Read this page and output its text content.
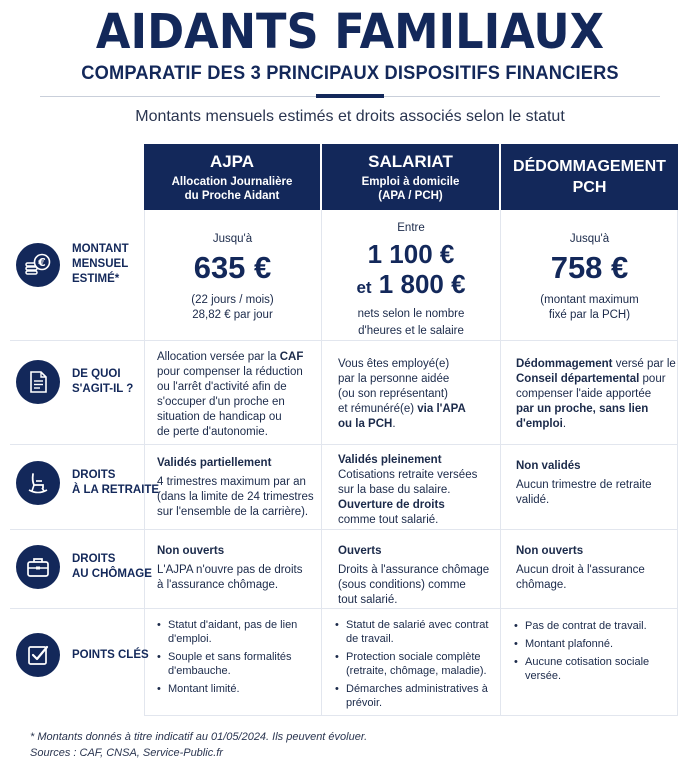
AIDANTS FAMILIAUX
COMPARATIF DES 3 PRINCIPAUX DISPOSITIFS FINANCIERS
Montants mensuels estimés et droits associés selon le statut
AJPA
Allocation Journalière
du Proche Aidant
SALARIAT
Emploi à domicile
(APA / PCH)
DÉDOMMAGEMENT
PCH
€
MONTANT
MENSUEL
ESTIMÉ*
Jusqu'à
635 €
(22 jours / mois)
28,82 € par jour
Entre
1 100 €
et 1 800 €
nets selon le nombre
d'heures et le salaire
Jusqu'à
758 €
(montant maximum
fixé par la PCH)
DE QUOI
S'AGIT-IL ?
Allocation versée par la CAF
pour compenser la réduction
ou l'arrêt d'activité afin de
s'occuper d'un proche en
situation de handicap ou
de perte d'autonomie.
Vous êtes employé(e)
par la personne aidée
(ou son représentant)
et rémunéré(e) via l'APA
ou la PCH.
Dédommagement versé par le
Conseil départemental pour
compenser l'aide apportée
par un proche, sans lien
d'emploi.
DROITS
À LA RETRAITE
Validés partiellement
4 trimestres maximum par an
(dans la limite de 24 trimestres
sur l'ensemble de la carrière).
Validés pleinement
Cotisations retraite versées
sur la base du salaire.
Ouverture de droits
comme tout salarié.
Non validés
Aucun trimestre de retraite
validé.
DROITS
AU CHÔMAGE
Non ouverts
L'AJPA n'ouvre pas de droits
à l'assurance chômage.
Ouverts
Droits à l'assurance chômage
(sous conditions) comme
tout salarié.
Non ouverts
Aucun droit à l'assurance
chômage.
POINTS CLÉS
• Statut d'aidant, pas de lien d'emploi.
• Souple et sans formalités d'embauche.
• Montant limité.
• Statut de salarié avec contrat de travail.
• Protection sociale complète (retraite, chômage, maladie).
• Démarches administratives à prévoir.
• Pas de contrat de travail.
• Montant plafonné.
• Aucune cotisation sociale versée.
* Montants donnés à titre indicatif au 01/05/2024. Ils peuvent évoluer.
Sources : CAF, CNSA, Service-Public.fr
